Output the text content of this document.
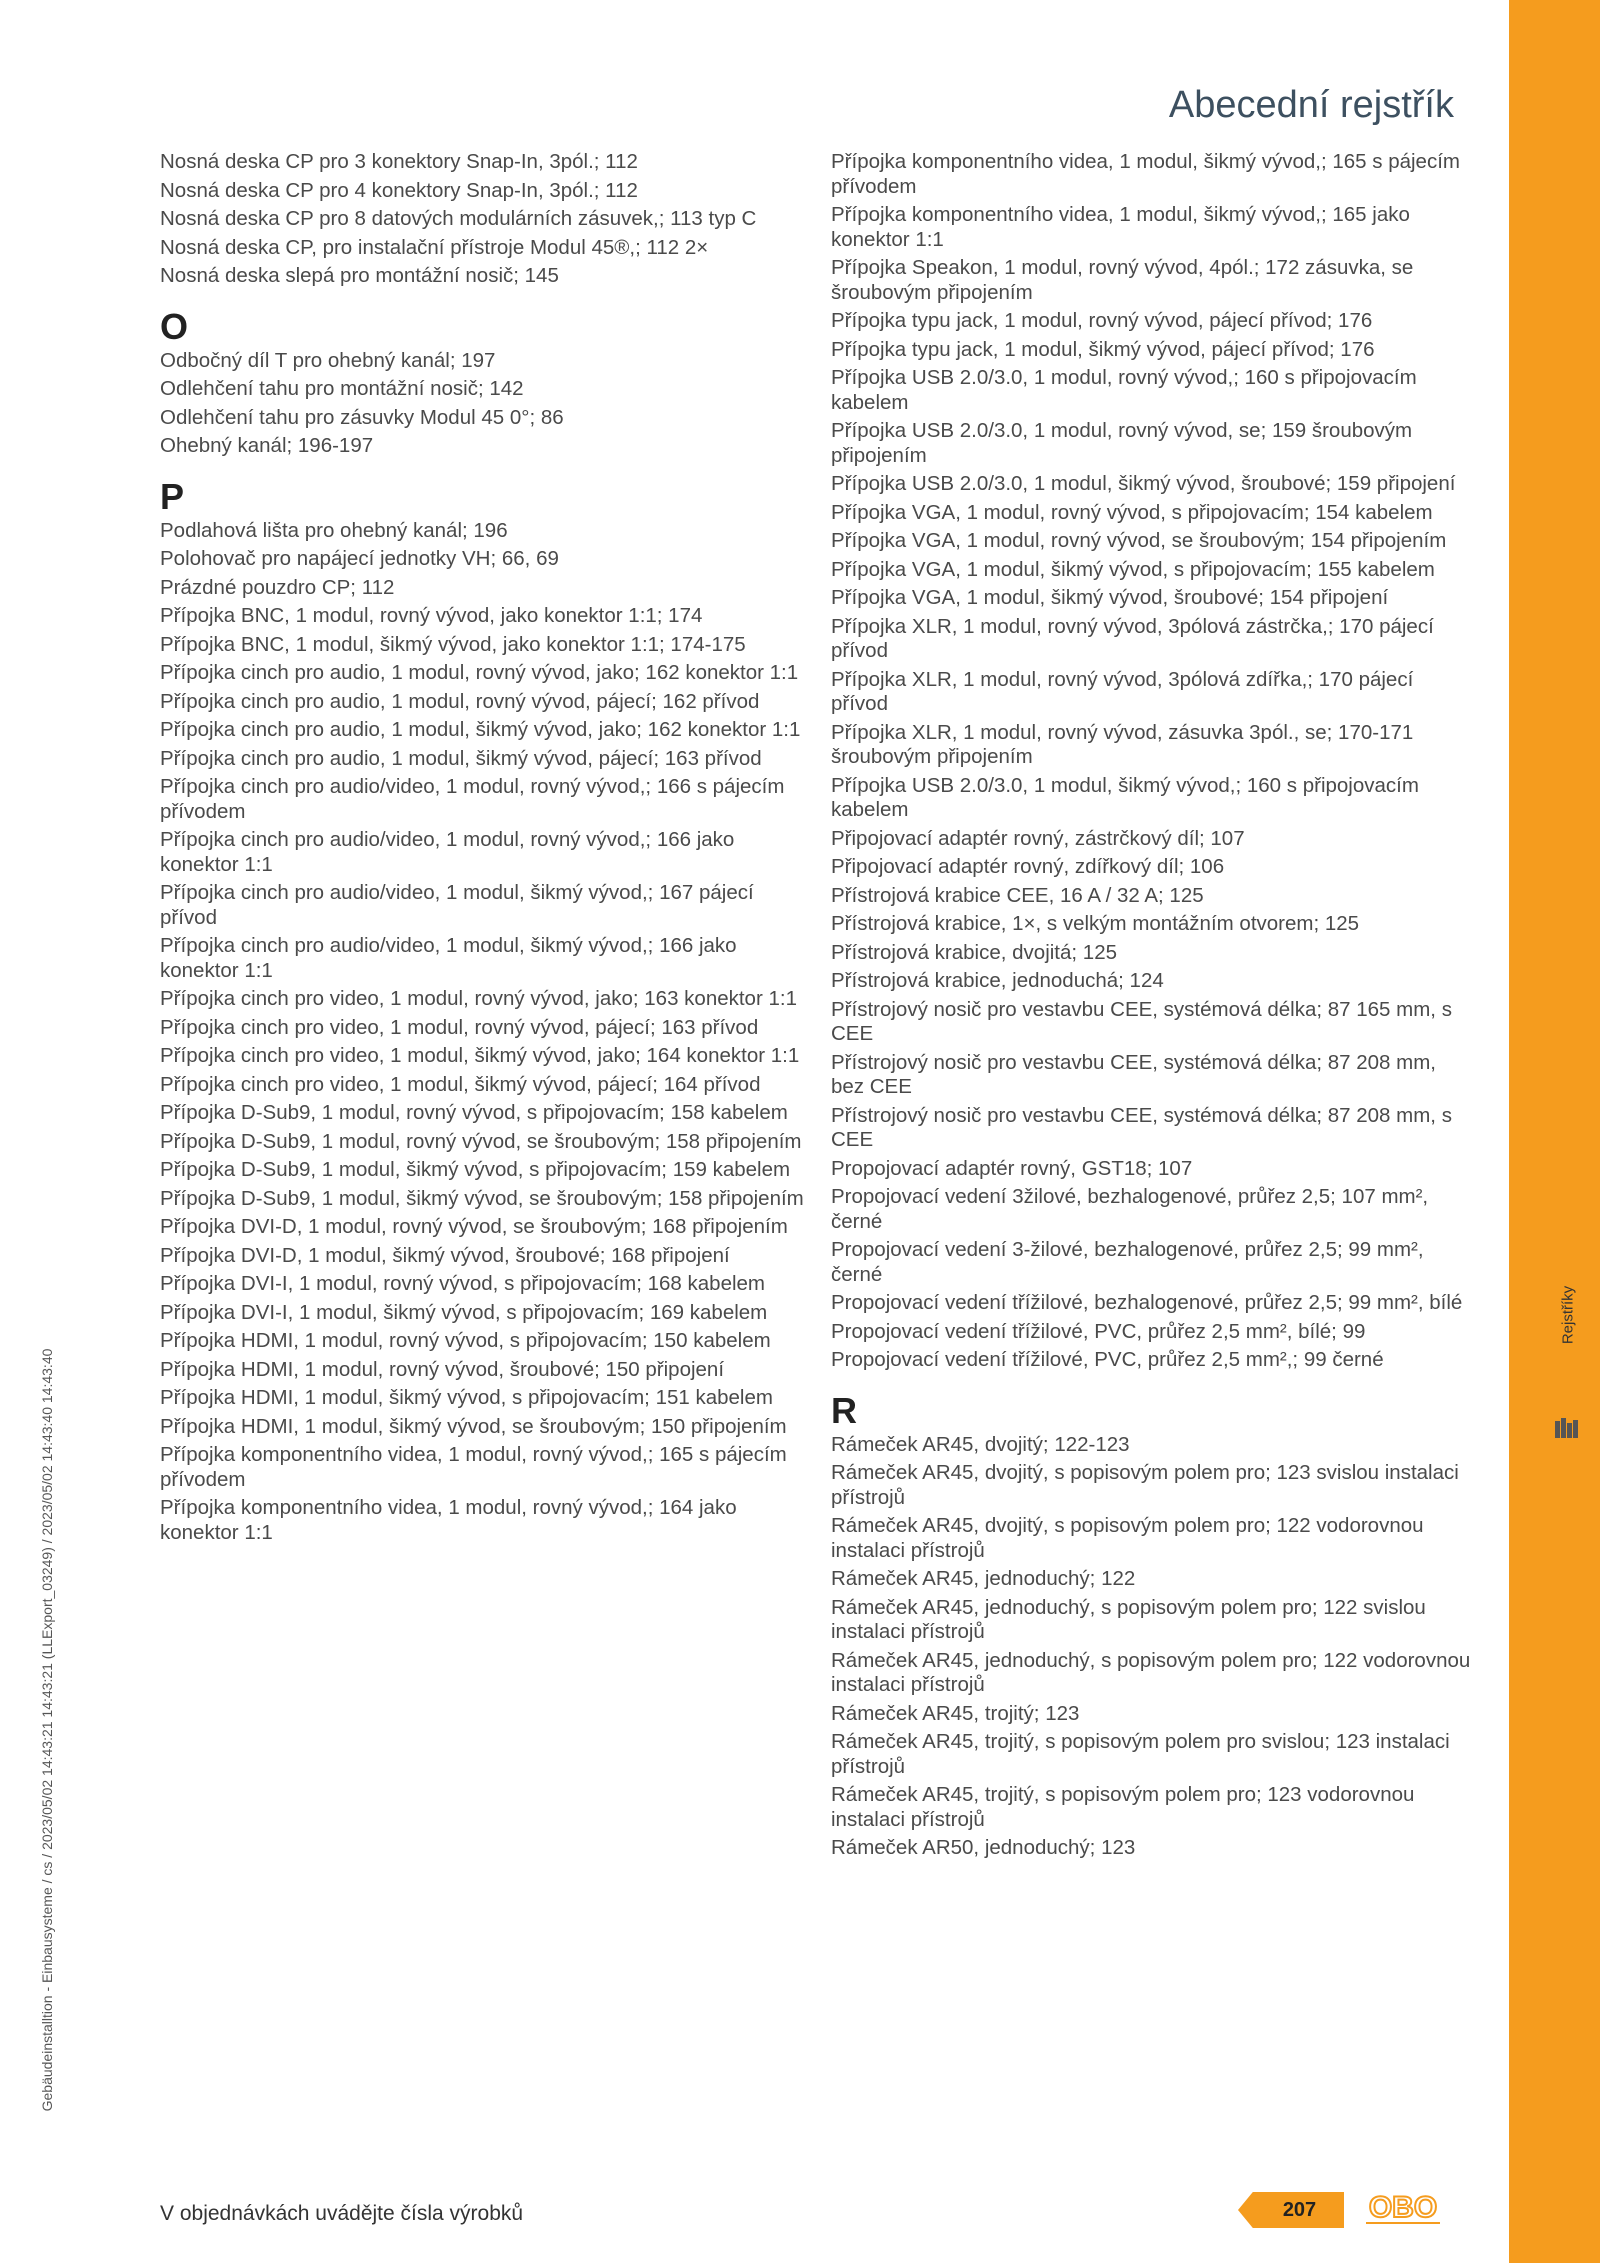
Rejstříky
Abecední rejstřík
Nosná deska CP pro 3 konektory Snap-In, 3pól.; 112
Nosná deska CP pro 4 konektory Snap-In, 3pól.; 112
Nosná deska CP pro 8 datových modulárních zásuvek,; 113 typ C
Nosná deska CP, pro instalační přístroje Modul 45®,; 112 2×
Nosná deska slepá pro montážní nosič; 145
O
Odbočný díl T pro ohebný kanál; 197
Odlehčení tahu pro montážní nosič; 142
Odlehčení tahu pro zásuvky Modul 45 0°; 86
Ohebný kanál; 196-197
P
Podlahová lišta pro ohebný kanál; 196
Polohovač pro napájecí jednotky VH; 66, 69
Prázdné pouzdro CP; 112
Přípojka BNC, 1 modul, rovný vývod, jako konektor 1:1; 174
Přípojka BNC, 1 modul, šikmý vývod, jako konektor 1:1; 174-175
Přípojka cinch pro audio, 1 modul, rovný vývod, jako; 162 konektor 1:1
Přípojka cinch pro audio, 1 modul, rovný vývod, pájecí; 162 přívod
Přípojka cinch pro audio, 1 modul, šikmý vývod, jako; 162 konektor 1:1
Přípojka cinch pro audio, 1 modul, šikmý vývod, pájecí; 163 přívod
Přípojka cinch pro audio/video, 1 modul, rovný vývod,; 166 s pájecím přívodem
Přípojka cinch pro audio/video, 1 modul, rovný vývod,; 166 jako konektor 1:1
Přípojka cinch pro audio/video, 1 modul, šikmý vývod,; 167 pájecí přívod
Přípojka cinch pro audio/video, 1 modul, šikmý vývod,; 166 jako konektor 1:1
Přípojka cinch pro video, 1 modul, rovný vývod, jako; 163 konektor 1:1
Přípojka cinch pro video, 1 modul, rovný vývod, pájecí; 163 přívod
Přípojka cinch pro video, 1 modul, šikmý vývod, jako; 164 konektor 1:1
Přípojka cinch pro video, 1 modul, šikmý vývod, pájecí; 164 přívod
Přípojka D-Sub9, 1 modul, rovný vývod, s připojovacím; 158 kabelem
Přípojka D-Sub9, 1 modul, rovný vývod, se šroubovým; 158 připojením
Přípojka D-Sub9, 1 modul, šikmý vývod, s připojovacím; 159 kabelem
Přípojka D-Sub9, 1 modul, šikmý vývod, se šroubovým; 158 připojením
Přípojka DVI-D, 1 modul, rovný vývod, se šroubovým; 168 připojením
Přípojka DVI-D, 1 modul, šikmý vývod, šroubové; 168 připojení
Přípojka DVI-I, 1 modul, rovný vývod, s připojovacím; 168 kabelem
Přípojka DVI-I, 1 modul, šikmý vývod, s připojovacím; 169 kabelem
Přípojka HDMI, 1 modul, rovný vývod, s připojovacím; 150 kabelem
Přípojka HDMI, 1 modul, rovný vývod, šroubové; 150 připojení
Přípojka HDMI, 1 modul, šikmý vývod, s připojovacím; 151 kabelem
Přípojka HDMI, 1 modul, šikmý vývod, se šroubovým; 150 připojením
Přípojka komponentního videa, 1 modul, rovný vývod,; 165 s pájecím přívodem
Přípojka komponentního videa, 1 modul, rovný vývod,; 164 jako konektor 1:1
Přípojka komponentního videa, 1 modul, šikmý vývod,; 165 s pájecím přívodem
Přípojka komponentního videa, 1 modul, šikmý vývod,; 165 jako konektor 1:1
Přípojka Speakon, 1 modul, rovný vývod, 4pól.; 172 zásuvka, se šroubovým připojením
Přípojka typu jack, 1 modul, rovný vývod, pájecí přívod; 176
Přípojka typu jack, 1 modul, šikmý vývod, pájecí přívod; 176
Přípojka USB 2.0/3.0, 1 modul, rovný vývod,; 160 s připojovacím kabelem
Přípojka USB 2.0/3.0, 1 modul, rovný vývod, se; 159 šroubovým připojením
Přípojka USB 2.0/3.0, 1 modul, šikmý vývod, šroubové; 159 připojení
Přípojka VGA, 1 modul, rovný vývod, s připojovacím; 154 kabelem
Přípojka VGA, 1 modul, rovný vývod, se šroubovým; 154 připojením
Přípojka VGA, 1 modul, šikmý vývod, s připojovacím; 155 kabelem
Přípojka VGA, 1 modul, šikmý vývod, šroubové; 154 připojení
Přípojka XLR, 1 modul, rovný vývod, 3pólová zástrčka,; 170 pájecí přívod
Přípojka XLR, 1 modul, rovný vývod, 3pólová zdířka,; 170 pájecí přívod
Přípojka XLR, 1 modul, rovný vývod, zásuvka 3pól., se; 170-171 šroubovým připojením
Přípojka USB 2.0/3.0, 1 modul, šikmý vývod,; 160 s připojovacím kabelem
Připojovací adaptér rovný, zástrčkový díl; 107
Připojovací adaptér rovný, zdířkový díl; 106
Přístrojová krabice CEE, 16 A / 32 A; 125
Přístrojová krabice, 1×, s velkým montážním otvorem; 125
Přístrojová krabice, dvojitá; 125
Přístrojová krabice, jednoduchá; 124
Přístrojový nosič pro vestavbu CEE, systémová délka; 87 165 mm, s CEE
Přístrojový nosič pro vestavbu CEE, systémová délka; 87 208 mm, bez CEE
Přístrojový nosič pro vestavbu CEE, systémová délka; 87 208 mm, s CEE
Propojovací adaptér rovný, GST18; 107
Propojovací vedení 3žilové, bezhalogenové, průřez 2,5; 107 mm², černé
Propojovací vedení 3-žilové, bezhalogenové, průřez 2,5; 99 mm², černé
Propojovací vedení třížilové, bezhalogenové, průřez 2,5; 99 mm², bílé
Propojovací vedení třížilové, PVC, průřez 2,5 mm², bílé; 99
Propojovací vedení třížilové, PVC, průřez 2,5 mm²,; 99 černé
R
Rámeček AR45, dvojitý; 122-123
Rámeček AR45, dvojitý, s popisovým polem pro; 123 svislou instalaci přístrojů
Rámeček AR45, dvojitý, s popisovým polem pro; 122 vodorovnou instalaci přístrojů
Rámeček AR45, jednoduchý; 122
Rámeček AR45, jednoduchý, s popisovým polem pro; 122 svislou instalaci přístrojů
Rámeček AR45, jednoduchý, s popisovým polem pro; 122 vodorovnou instalaci přístrojů
Rámeček AR45, trojitý; 123
Rámeček AR45, trojitý, s popisovým polem pro svislou; 123 instalaci přístrojů
Rámeček AR45, trojitý, s popisovým polem pro; 123 vodorovnou instalaci přístrojů
Rámeček AR50, jednoduchý; 123
Gebäudeinstalltion - Einbausysteme / cs / 2023/05/02 14:43:21 14:43:21 (LLExport_03249) / 2023/05/02 14:43:40 14:43:40
V objednávkách uvádějte čísla výrobků	207	OBO
